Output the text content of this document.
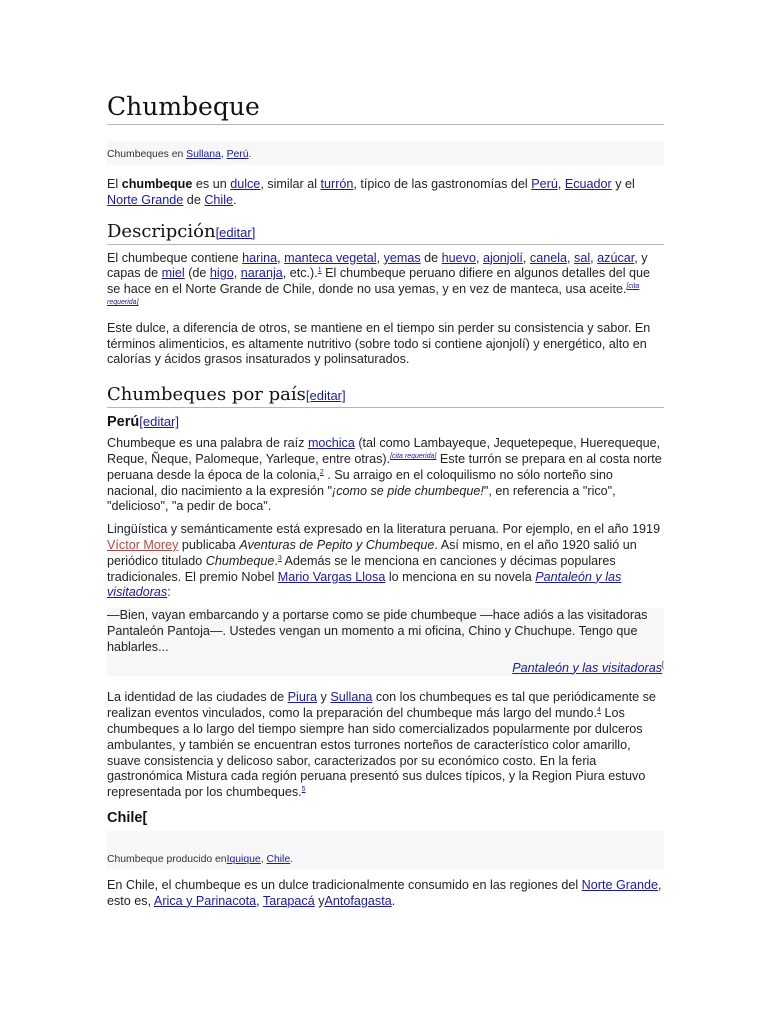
Chumbeque
Chumbeques en Sullana, Perú.

El chumbeque es un dulce, similar al turrón, típico de las gastronomías del Perú, Ecuador y el Norte Grande de Chile.

Descripción[editar]

El chumbeque contiene harina, manteca vegetal, yemas de huevo, ajonjolí, canela, sal, azúcar, y capas de miel (de higo, naranja, etc.).$^1$ El chumbeque peruano difiere en algunos detalles del que se hace en el Norte Grande de Chile, donde no usa yemas, y en vez de manteca, usa aceite.[cita requerida]

Este dulce, a diferencia de otros, se mantiene en el tiempo sin perder su consistencia y sabor. En términos alimenticios, es altamente nutritivo (sobre todo si contiene ajonjolí) y energético, alto en calorías y ácidos grasos insaturados y polinsaturados.

Chumbeques por país[editar]
Perú[editar]

Chumbeque es una palabra de raíz mochica (tal como Lambayeque, Jequetepeque, Huerequeque, Reque, Ñeque, Palomeque, Yarleque, entre otras).[cita requerida] Este turrón se prepara en al costa norte peruana desde la época de la colonia,$^2$ . Su arraigo en el coloquilismo no sólo norteño sino nacional, dio nacimiento a la expresión "¡como se pide chumbeque!", en referencia a "rico", "delicioso", "a pedir de boca".

Lingüística y semánticamente está expresado en la literatura peruana. Por ejemplo, en el año 1919 Víctor Morey publicaba Aventuras de Pepito y Chumbeque. Así mismo, en el año 1920 salió un periódico titulado Chumbeque.$^3$ Además se le menciona en canciones y décimas populares tradicionales. El premio Nobel Mario Vargas Llosa lo menciona en su novela Pantaleón y las visitadoras:

—Bien, vayan embarcando y a portarse como se pide chumbeque —hace adiós a las visitadoras Pantaleón Pantoja—. Ustedes vengan un momento a mi oficina, Chino y Chuchupe. Tengo que hablarles...

Pantaleón y las visitadoras[

La identidad de las ciudades de Piura y Sullana con los chumbeques es tal que periódicamente se realizan eventos vinculados, como la preparación del chumbeque más largo del mundo.$^4$ Los chumbeques a lo largo del tiempo siempre han sido comercializados popularmente por dulceros ambulantes, y también se encuentran estos turrones norteños de característico color amarillo, suave consistencia y delicoso sabor, caracterizados por su económico costo. En la feria gastronómica Mistura cada región peruana presentó sus dulces típicos, y la Region Piura estuvo representada por los chumbeques.$^5$

Chile[
Chumbeque producido enIquique, Chile.

En Chile, el chumbeque es un dulce tradicionalmente consumido en las regiones del Norte Grande, esto es, Arica y Parinacota, Tarapacá yAntofagasta.
